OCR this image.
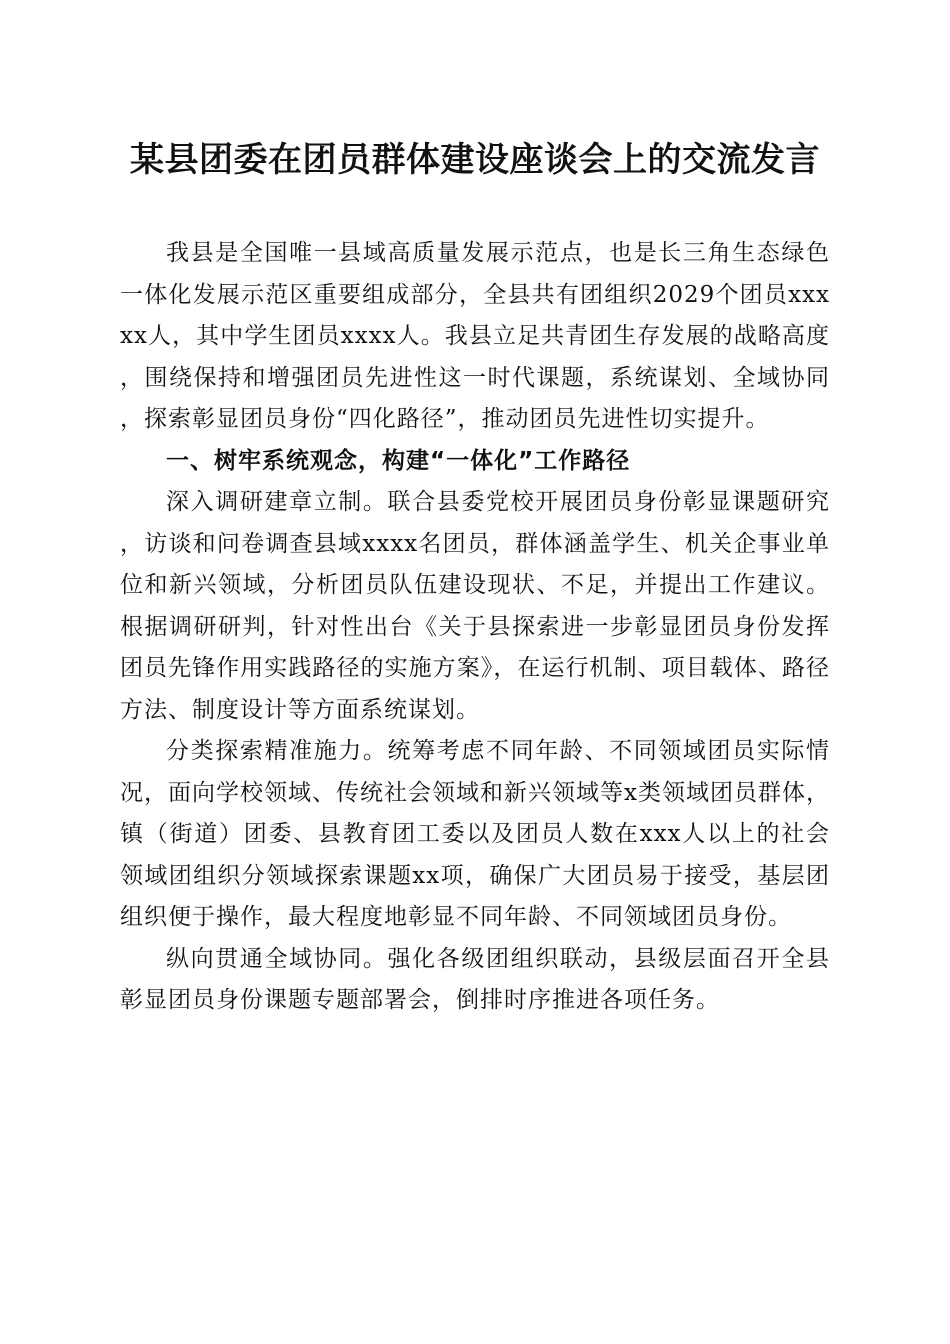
某县团委在团员群体建设座谈会上的交流发言

我县是全国唯一县域高质量发展示范点，也是长三角生态绿色一体化发展示范区重要组成部分，全县共有团组织2029个团员xxxxx人，其中学生团员xxxx人。我县立足共青团生存发展的战略高度，围绕保持和增强团员先进性这一时代课题，系统谋划、全域协同，探索彰显团员身份“四化路径”，推动团员先进性切实提升。

一、树牢系统观念，构建“一体化”工作路径

深入调研建章立制。联合县委党校开展团员身份彰显课题研究，访谈和问卷调查县域xxxx名团员，群体涵盖学生、机关企事业单位和新兴领域，分析团员队伍建设现状、不足，并提出工作建议。根据调研研判，针对性出台《关于县探索进一步彰显团员身份发挥团员先锋作用实践路径的实施方案》，在运行机制、项目载体、路径方法、制度设计等方面系统谋划。

分类探索精准施力。统筹考虑不同年龄、不同领域团员实际情况，面向学校领域、传统社会领域和新兴领域等x类领域团员群体，镇（街道）团委、县教育团工委以及团员人数在xxx人以上的社会领域团组织分领域探索课题xx项，确保广大团员易于接受，基层团组织便于操作，最大程度地彰显不同年龄、不同领域团员身份。

纵向贯通全域协同。强化各级团组织联动，县级层面召开全县彰显团员身份课题专题部署会，倒排时序推进各项任务。
